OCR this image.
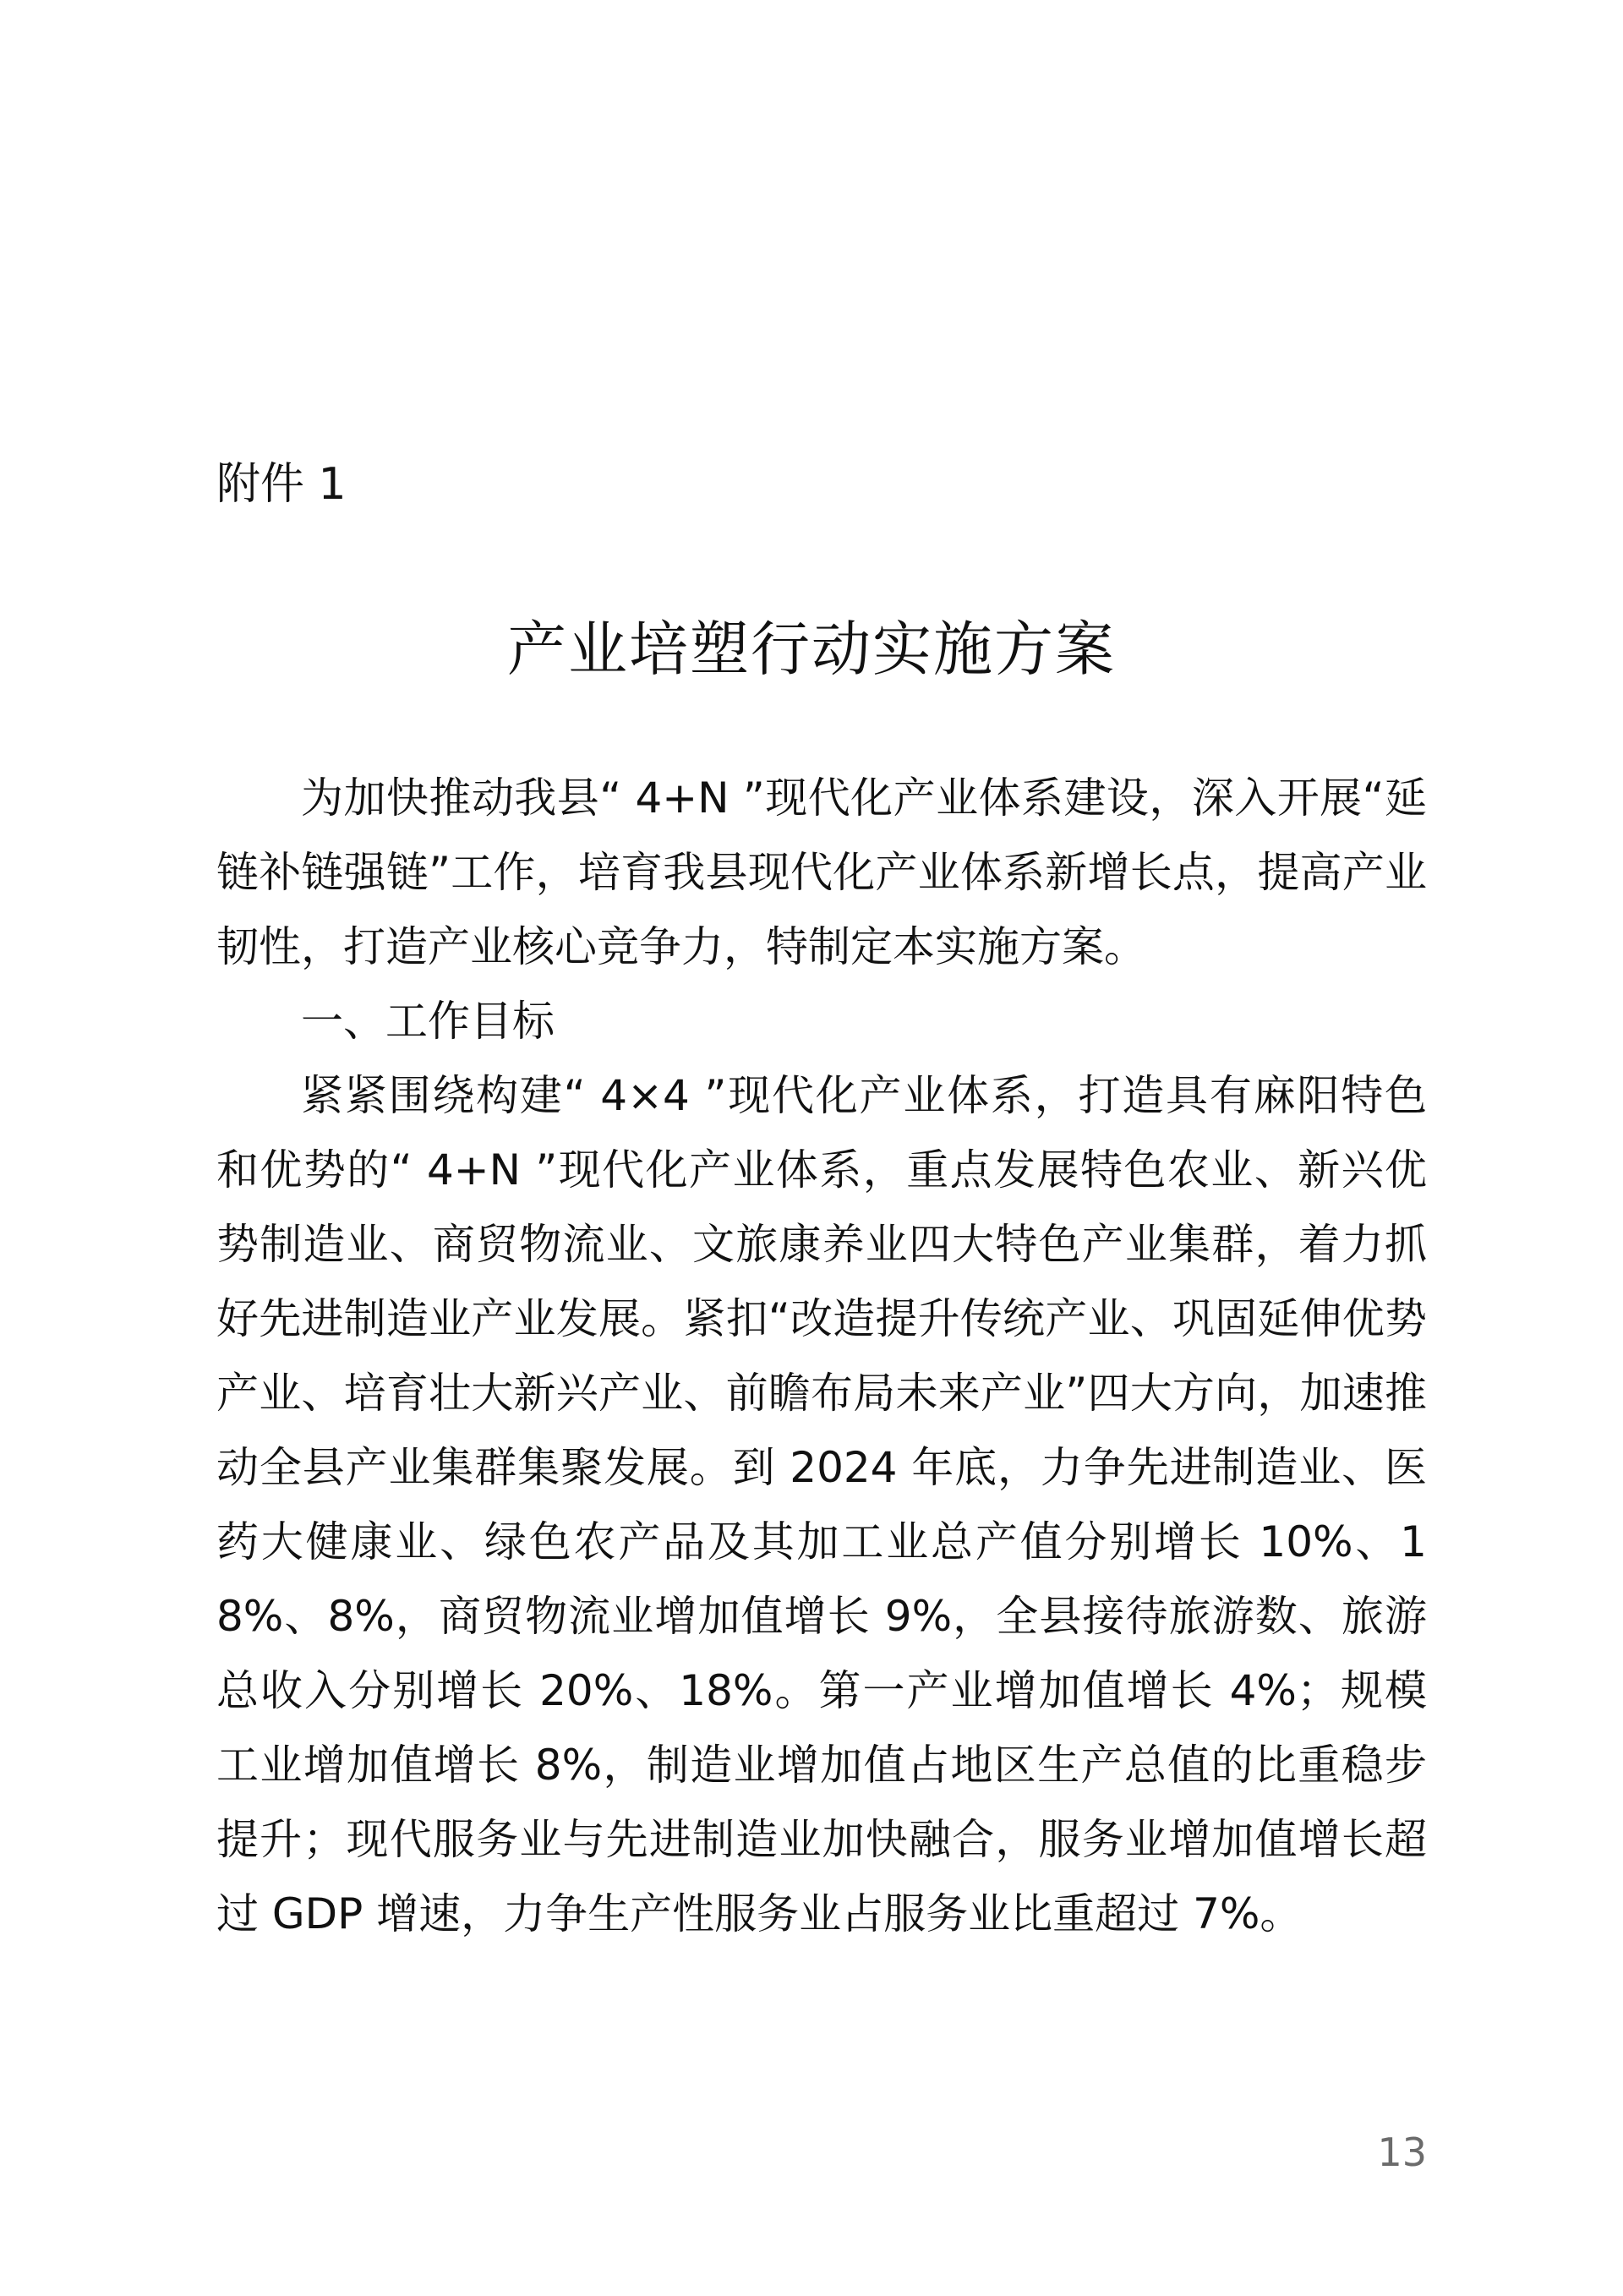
附件 1
产业培塑行动实施方案

为加快推动我县“ 4+N ”现代化产业体系建设，深入开展“延链补链强链”工作，培育我县现代化产业体系新增长点，提高产业韧性，打造产业核心竞争力，特制定本实施方案。

一、工作目标

紧紧围绕构建“ 4×4 ”现代化产业体系，打造具有麻阳特色和优势的“ 4+N ”现代化产业体系，重点发展特色农业、新兴优势制造业、商贸物流业、文旅康养业四大特色产业集群，着力抓好先进制造业产业发展。紧扣“改造提升传统产业、巩固延伸优势产业、培育壮大新兴产业、前瞻布局未来产业”四大方向，加速推动全县产业集群集聚发展。到 2024 年底，力争先进制造业、医药大健康业、绿色农产品及其加工业总产值分别增长 10%、18%、8%，商贸物流业增加值增长 9%，全县接待旅游数、旅游总收入分别增长 20%、18%。第一产业增加值增长 4%；规模工业增加值增长 8%，制造业增加值占地区生产总值的比重稳步提升；现代服务业与先进制造业加快融合，服务业增加值增长超过 GDP 增速，力争生产性服务业占服务业比重超过 7%。

13
